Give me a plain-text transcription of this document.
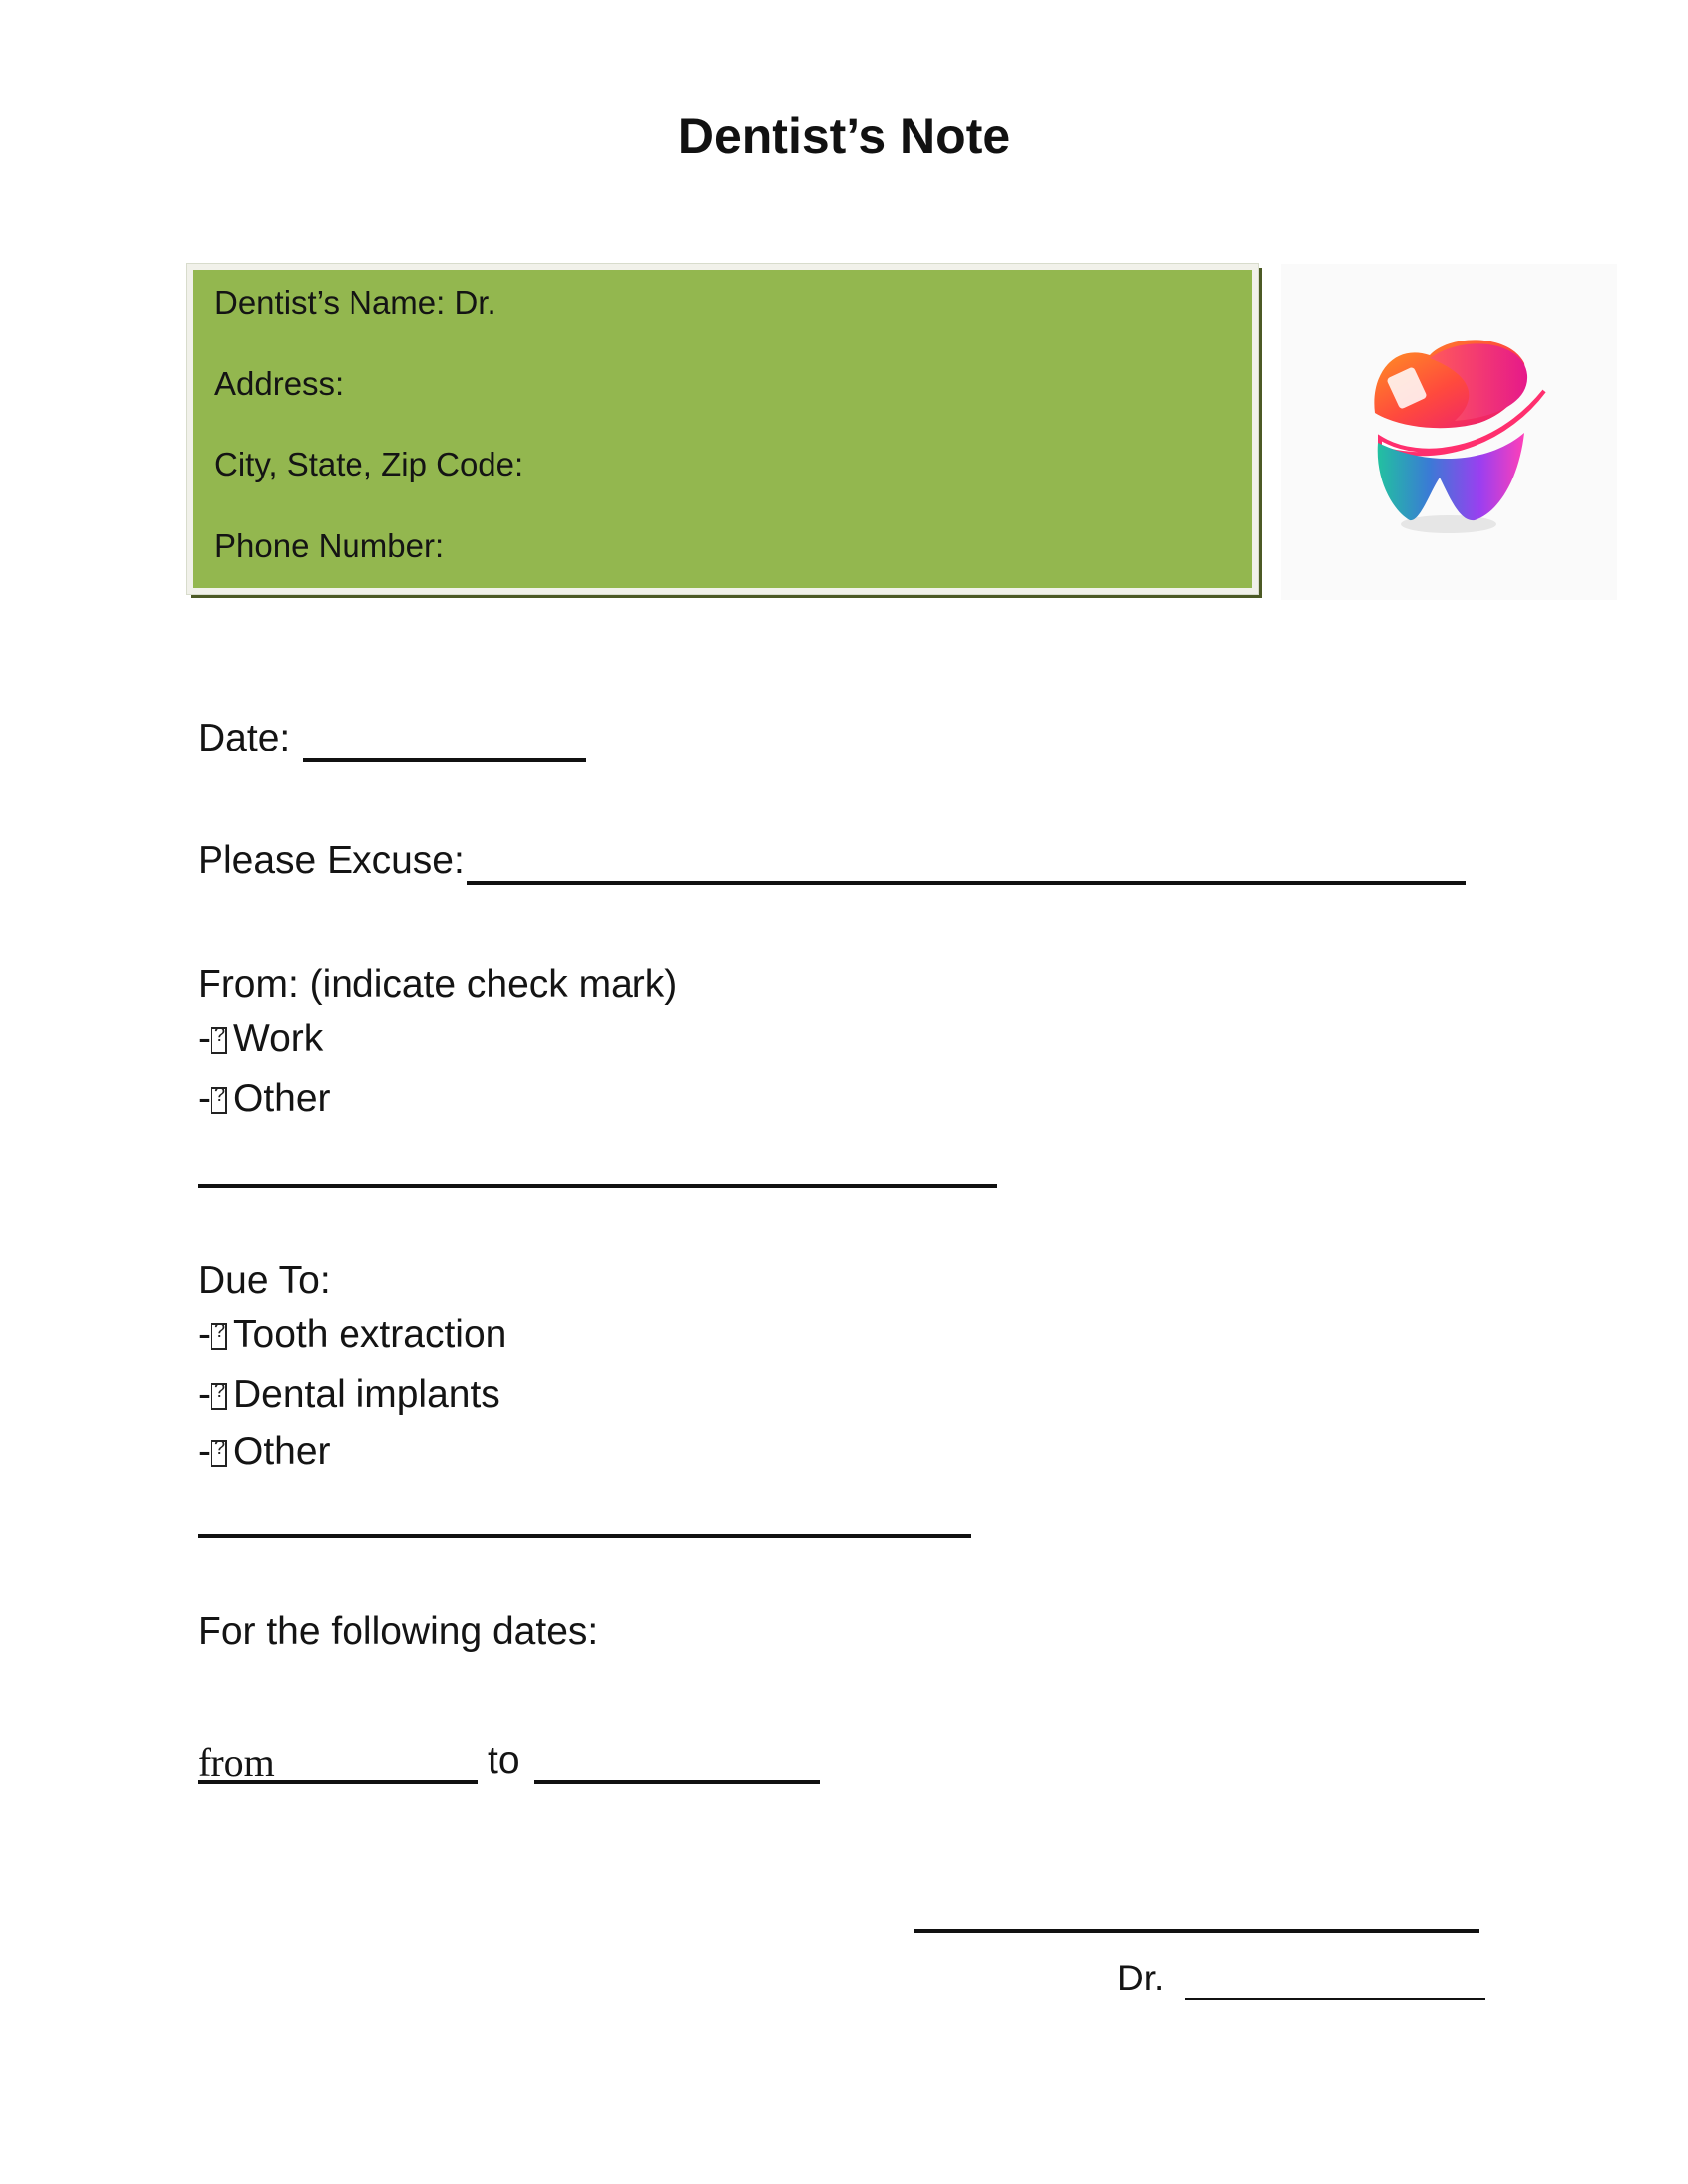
Dentist’s Note
Dentist’s Name: Dr.
Address:
City, State, Zip Code:
Phone Number:
Date:
Please Excuse:
From: (indicate check mark)
- ? Work
- ? Other
Due To:
- ? Tooth extraction
- ? Dental implants
- ? Other
For the following dates:
from	to
Dr.
